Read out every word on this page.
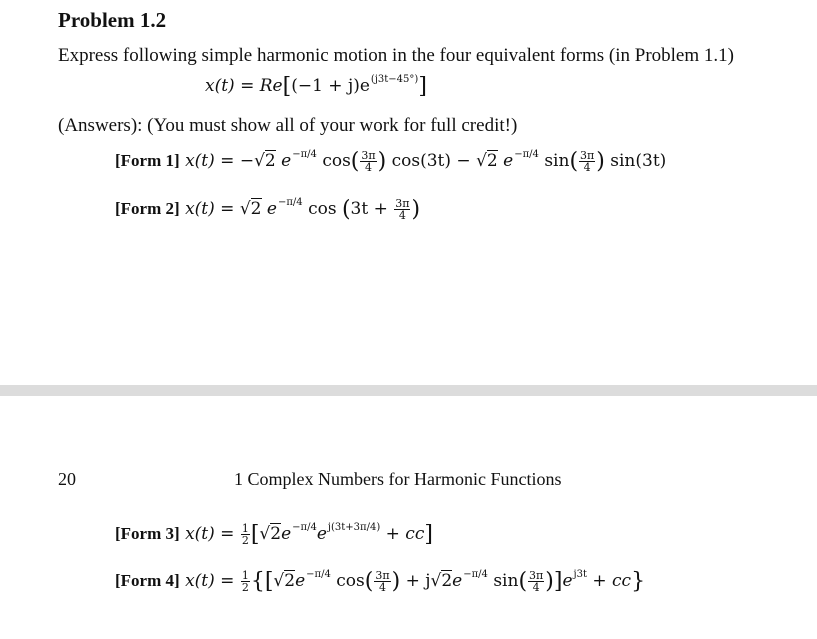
Problem 1.2
Express following simple harmonic motion in the four equivalent forms (in Problem 1.1)
$x(t) = Re[(-1 + j)e^{(j3t-45^\circ)}]$
(Answers): (You must show all of your work for full credit!)
[Form 1] x(t) = − √ 2 $e^{-\pi/4}$ $\cos( \frac{3\pi}{4}$ ) cos(3t) − √ 2 $e^{-\pi/4}$ $\sin( \frac{3\pi}{4}$ ) sin(3t)
[Form 2] x(t) = √ 2 $e^{-\pi/4}$ $\cos (3t + \frac{3\pi}{4}$ )
20	1 Complex Numbers for Harmonic Functions
[Form 3] $x(t) = \frac{1}{2}$ [ √ $2e^{-\pi/4}e^{j(3t+3\pi/4)} + cc$]
[Form 4] $x(t) = \frac{1}{2}$ {[ √ $2e^{-\pi/4}$ $\cos( \frac{3\pi}{4}$ ) + j √ $2e^{-\pi/4}$ $\sin( \frac{3\pi}{4} )]e^{j3t} + cc$}
